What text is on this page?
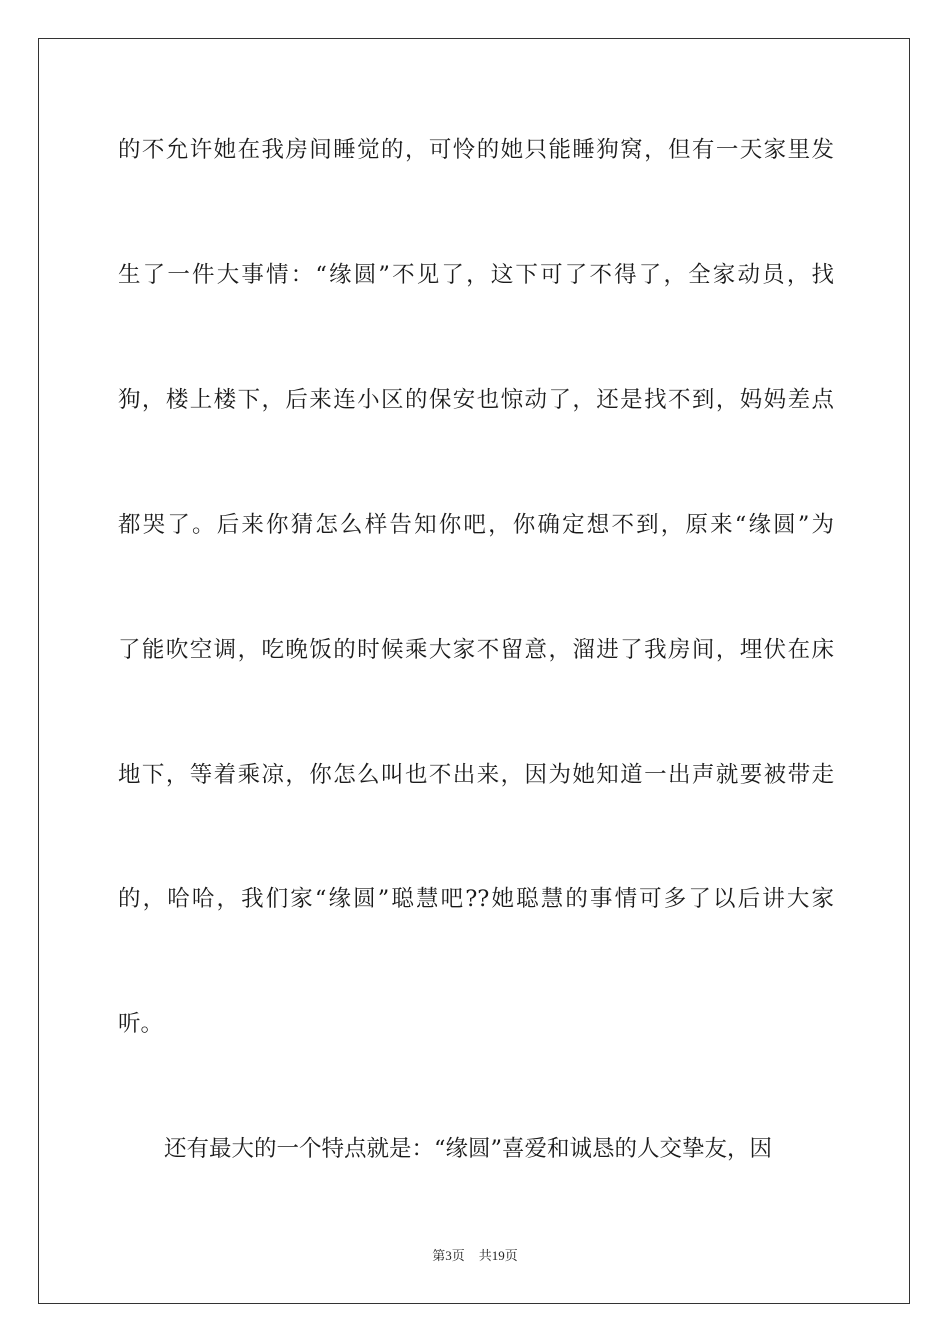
的不允许她在我房间睡觉的，可怜的她只能睡狗窝，但有一天家里发
生了一件大事情：“缘圆”不见了，这下可了不得了，全家动员，找
狗，楼上楼下，后来连小区的保安也惊动了，还是找不到，妈妈差点
都哭了。后来你猜怎么样告知你吧，你确定想不到，原来“缘圆”为
了能吹空调，吃晚饭的时候乘大家不留意，溜进了我房间，埋伏在床
地下，等着乘凉，你怎么叫也不出来，因为她知道一出声就要被带走
的，哈哈，我们家“缘圆”聪慧吧??她聪慧的事情可多了以后讲大家
听。
还有最大的一个特点就是：“缘圆”喜爱和诚恳的人交挚友，因
第3页 共19页
